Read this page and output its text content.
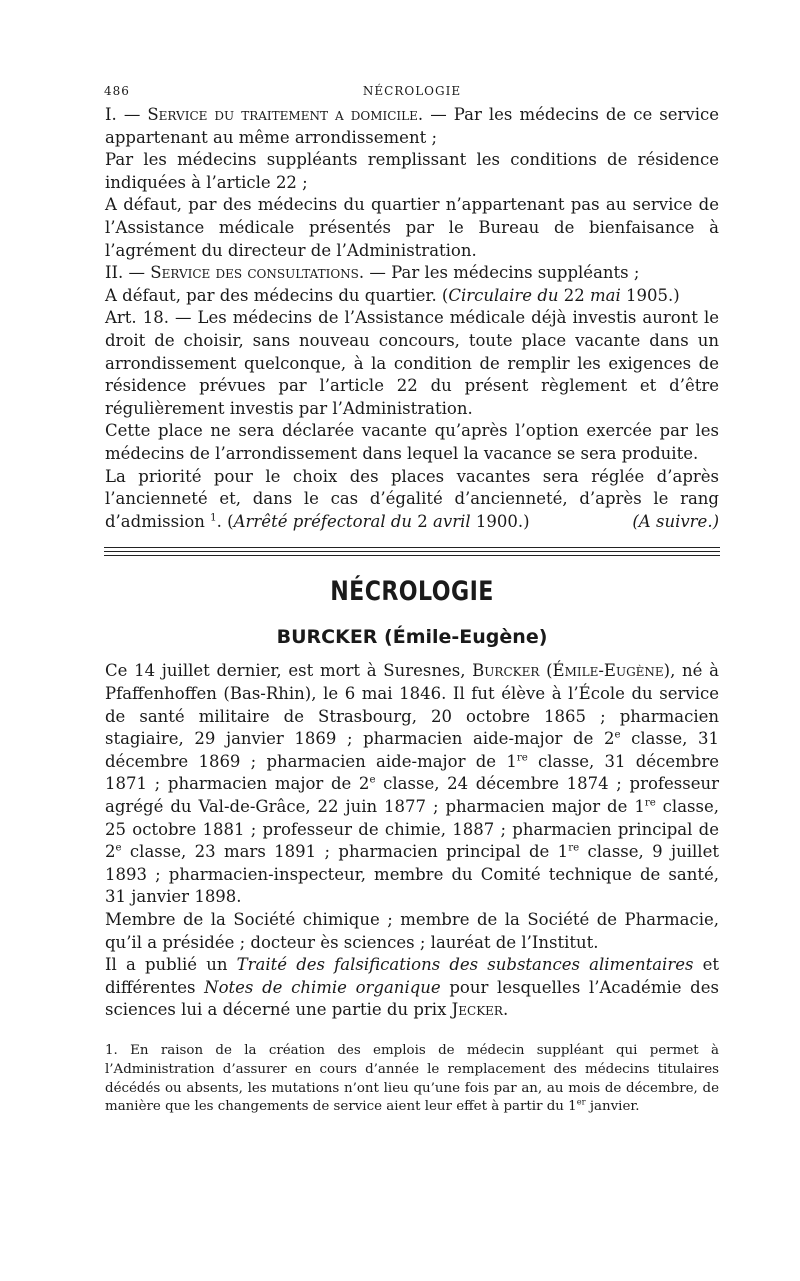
486	NÉCROLOGIE

I. — Service du traitement a domicile. — Par les médecins de ce service appartenant au même arrondissement ;

Par les médecins suppléants remplissant les conditions de résidence indiquées à l’article 22 ;

A défaut, par des médecins du quartier n’appartenant pas au service de l’Assistance médicale présentés par le Bureau de bienfaisance à l’agrément du directeur de l’Administration.

II. — Service des consultations. — Par les médecins suppléants ;

A défaut, par des médecins du quartier. (Circulaire du 22 mai 1905.)

Art. 18. — Les médecins de l’Assistance médicale déjà investis auront le droit de choisir, sans nouveau concours, toute place vacante dans un arrondissement quelconque, à la condition de remplir les exigences de résidence prévues par l’article 22 du présent règlement et d’être régulièrement investis par l’Administration.

Cette place ne sera déclarée vacante qu’après l’option exercée par les médecins de l’arrondissement dans lequel la vacance se sera produite.

La priorité pour le choix des places vacantes sera réglée d’après l’ancienneté et, dans le cas d’égalité d’ancienneté, d’après le rang d’admission $^1$. (Arrêté préfectoral du 2 avril 1900.)	(A suivre.)

NÉCROLOGIE
BURCKER (Émile-Eugène)

Ce 14 juillet dernier, est mort à Suresnes, Burcker (Émile-Eugène), né à Pfaffenhoffen (Bas-Rhin), le 6 mai 1846. Il fut élève à l’École du service de santé militaire de Strasbourg, 20 octobre 1865 ; pharmacien stagiaire, 29 janvier 1869 ; pharmacien aide-major de 2e classe, 31 décembre 1869 ; pharmacien aide-major de 1re classe, 31 décembre 1871 ; pharmacien major de 2e classe, 24 décembre 1874 ; professeur agrégé du Val-de-Grâce, 22 juin 1877 ; pharmacien major de 1re classe, 25 octobre 1881 ; professeur de chimie, 1887 ; pharmacien principal de 2e classe, 23 mars 1891 ; pharmacien principal de 1re classe, 9 juillet 1893 ; pharmacien-inspecteur, membre du Comité technique de santé, 31 janvier 1898.

Membre de la Société chimique ; membre de la Société de Pharmacie, qu’il a présidée ; docteur ès sciences ; lauréat de l’Institut.

Il a publié un Traité des falsifications des substances alimentaires et différentes Notes de chimie organique pour lesquelles l’Académie des sciences lui a décerné une partie du prix Jecker.

1. En raison de la création des emplois de médecin suppléant qui permet à l’Administration d’assurer en cours d’année le remplacement des médecins titulaires décédés ou absents, les mutations n’ont lieu qu’une fois par an, au mois de décembre, de manière que les changements de service aient leur effet à partir du 1er janvier.
